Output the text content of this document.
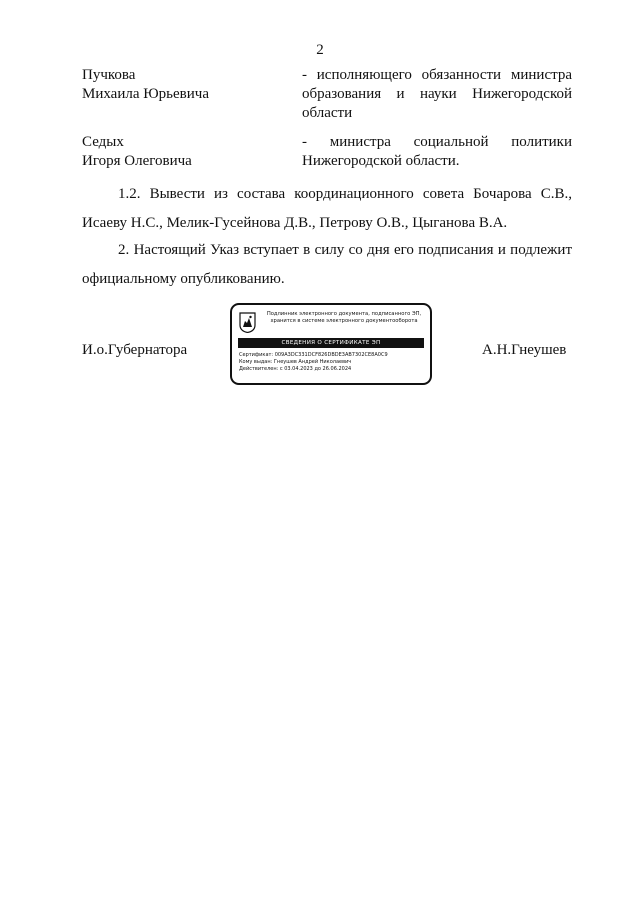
2
Пучкова
Михаила Юрьевича
- исполняющего обязанности министра образования и науки Нижегородской области
Седых
Игоря Олеговича
- министра социальной политики Нижегородской области.
1.2. Вывести из состава координационного совета Бочарова С.В., Исаеву Н.С., Мелик-Гусейнова Д.В., Петрову О.В., Цыганова В.А.
2. Настоящий Указ вступает в силу со дня его подписания и подлежит официальному опубликованию.
И.о.Губернатора
Подлинник электронного документа, подписанного ЭП, хранится в системе электронного документооборота
СВЕДЕНИЯ О СЕРТИФИКАТЕ ЭП
Сертификат: 009A3DC331DCF826DBDE3AB7302CE8A0C9
Кому выдан: Гнеушев Андрей Николаевич
Действителен: с 03.04.2023 до 26.06.2024
А.Н.Гнеушев
